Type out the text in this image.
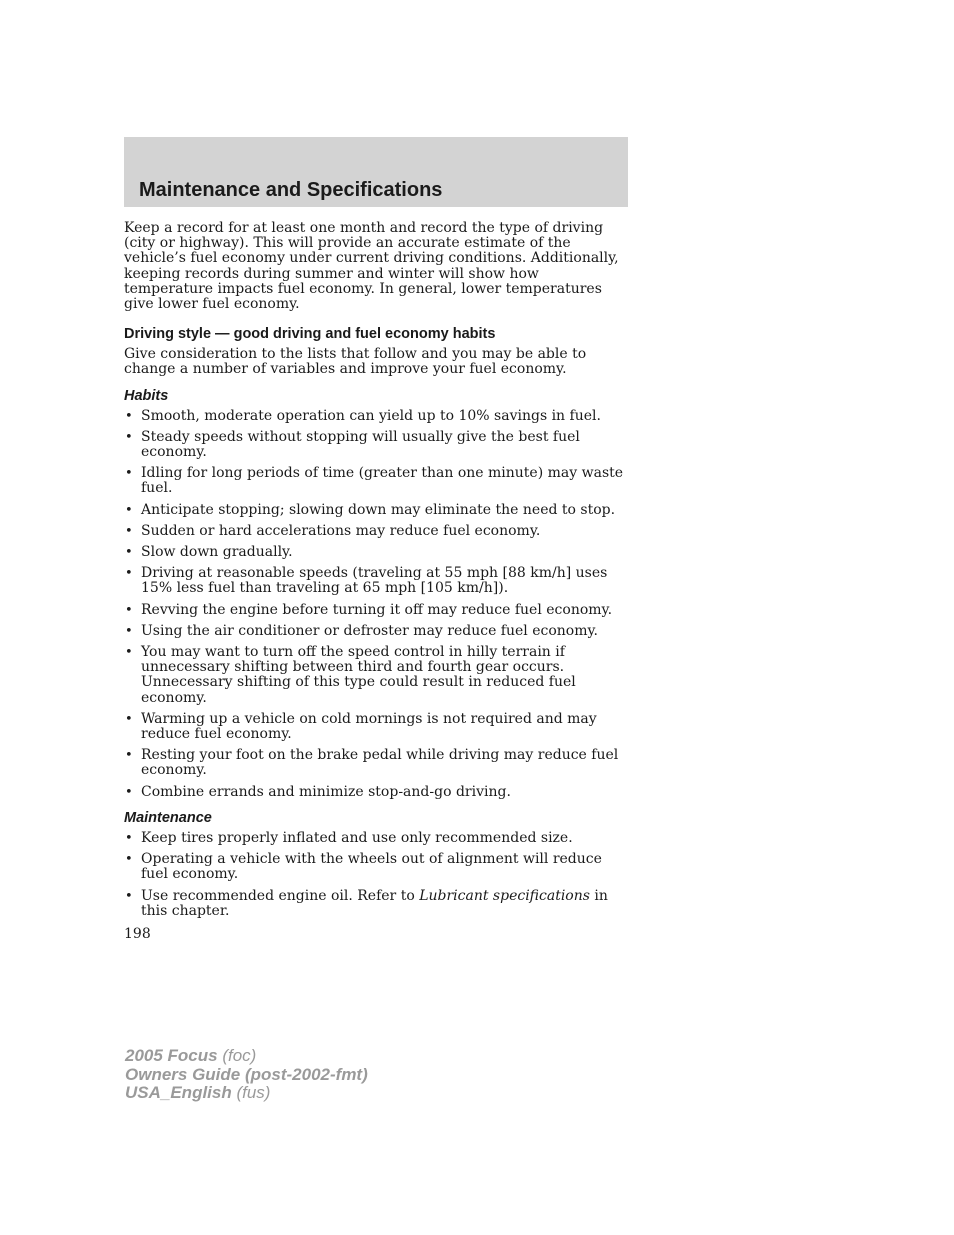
Maintenance and Specifications

Keep a record for at least one month and record the type of driving (city or highway). This will provide an accurate estimate of the vehicle’s fuel economy under current driving conditions. Additionally, keeping records during summer and winter will show how temperature impacts fuel economy. In general, lower temperatures give lower fuel economy.

Driving style — good driving and fuel economy habits

Give consideration to the lists that follow and you may be able to change a number of variables and improve your fuel economy.

Habits
• Smooth, moderate operation can yield up to 10% savings in fuel.
• Steady speeds without stopping will usually give the best fuel economy.
• Idling for long periods of time (greater than one minute) may waste fuel.
• Anticipate stopping; slowing down may eliminate the need to stop.
• Sudden or hard accelerations may reduce fuel economy.
• Slow down gradually.
• Driving at reasonable speeds (traveling at 55 mph [88 km/h] uses 15% less fuel than traveling at 65 mph [105 km/h]).
• Revving the engine before turning it off may reduce fuel economy.
• Using the air conditioner or defroster may reduce fuel economy.
• You may want to turn off the speed control in hilly terrain if unnecessary shifting between third and fourth gear occurs. Unnecessary shifting of this type could result in reduced fuel economy.
• Warming up a vehicle on cold mornings is not required and may reduce fuel economy.
• Resting your foot on the brake pedal while driving may reduce fuel economy.
• Combine errands and minimize stop-and-go driving.
Maintenance
• Keep tires properly inflated and use only recommended size.
• Operating a vehicle with the wheels out of alignment will reduce fuel economy.
• Use recommended engine oil. Refer to Lubricant specifications in this chapter.
198
2005 Focus (foc)
Owners Guide (post-2002-fmt)
USA_English (fus)
